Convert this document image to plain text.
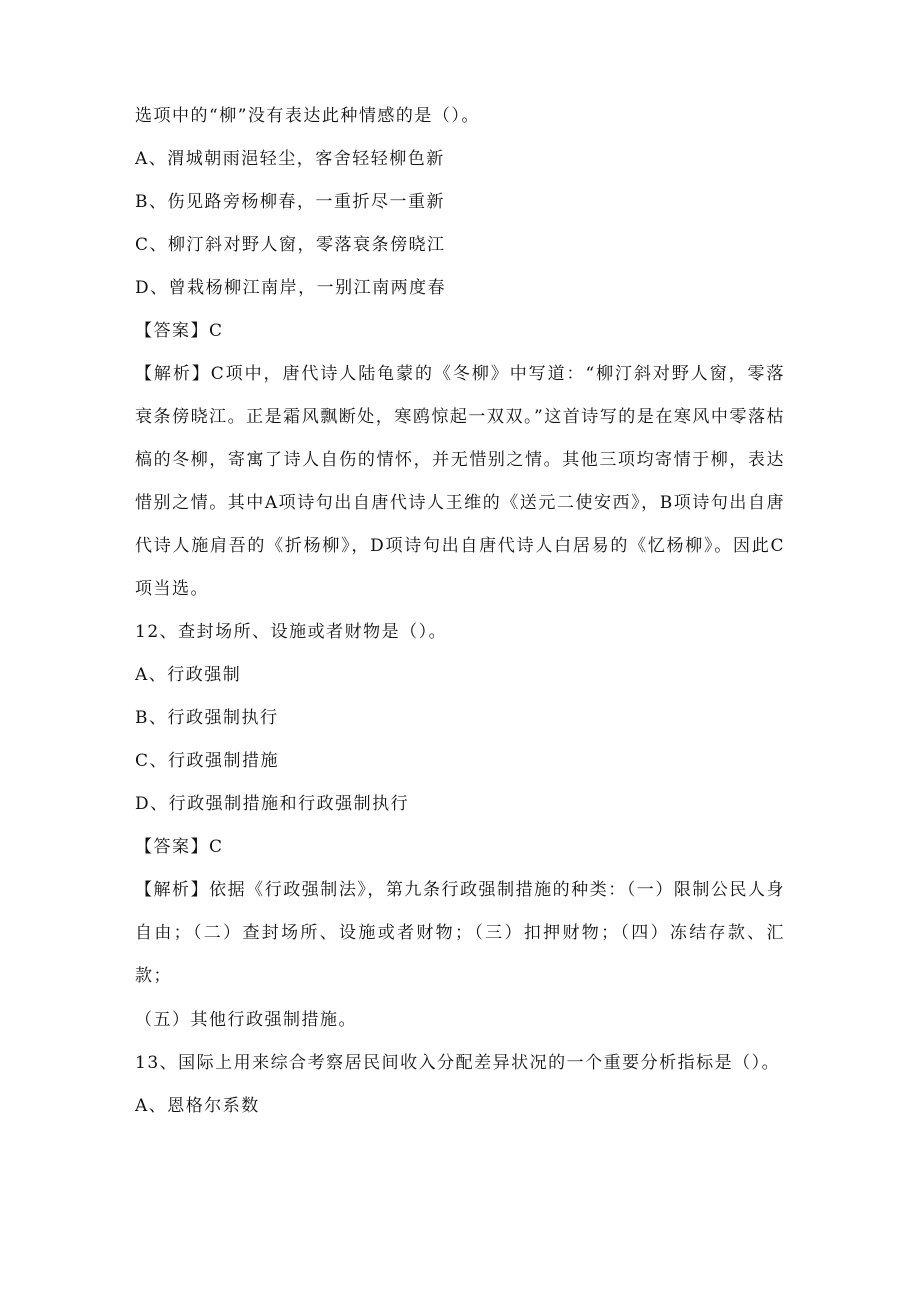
选项中的“柳”没有表达此种情感的是（）。
A、渭城朝雨浥轻尘，客舍轻轻柳色新
B、伤见路旁杨柳春，一重折尽一重新
C、柳汀斜对野人窗，零落衰条傍晓江
D、曾栽杨柳江南岸，一别江南两度春
【答案】C
【解析】C项中，唐代诗人陆龟蒙的《冬柳》中写道：“柳汀斜对野人窗，零落衰条傍晓江。正是霜风飘断处，寒鸥惊起一双双。”这首诗写的是在寒风中零落枯槁的冬柳，寄寓了诗人自伤的情怀，并无惜别之情。其他三项均寄情于柳，表达惜别之情。其中A项诗句出自唐代诗人王维的《送元二使安西》，B项诗句出自唐代诗人施肩吾的《折杨柳》，D项诗句出自唐代诗人白居易的《忆杨柳》。因此C项当选。
12、查封场所、设施或者财物是（）。
A、行政强制
B、行政强制执行
C、行政强制措施
D、行政强制措施和行政强制执行
【答案】C
【解析】依据《行政强制法》，第九条行政强制措施的种类：（一）限制公民人身自由；（二）查封场所、设施或者财物；（三）扣押财物；（四）冻结存款、汇款；
（五）其他行政强制措施。
13、国际上用来综合考察居民间收入分配差异状况的一个重要分析指标是（）。
A、恩格尔系数
